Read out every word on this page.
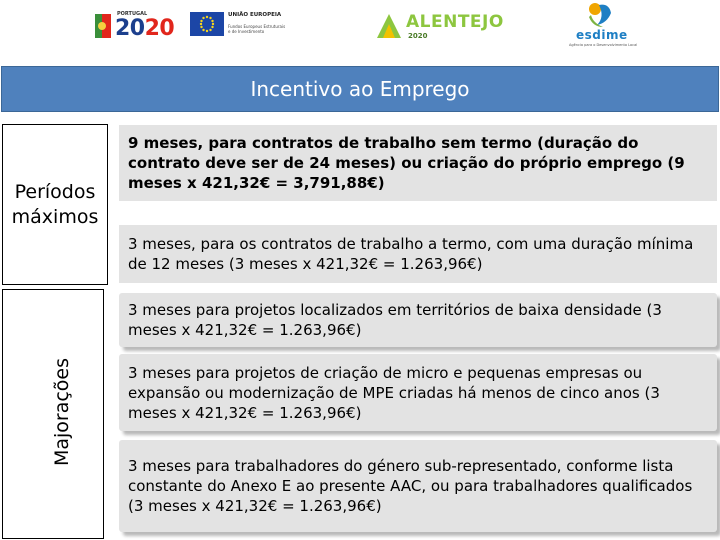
PORTUGAL
2020
UNIÃO EUROPEIA
Fundos Europeus Estruturais
e de Investimento	ALENTEJO
2020	esdime
Agência para o Desenvolvimento Local
Incentivo ao Emprego
Períodos máximos
Majorações
9 meses, para contratos de trabalho sem termo (duração do contrato deve ser de 24 meses) ou criação do próprio emprego (9 meses x 421,32€ = 3,791,88€)
3 meses, para os contratos de trabalho a termo, com uma duração mínima de 12 meses (3 meses x 421,32€ = 1.263,96€)
3 meses para projetos localizados em territórios de baixa densidade (3 meses x 421,32€ = 1.263,96€)
3 meses para projetos de criação de micro e pequenas empresas ou expansão ou modernização de MPE criadas há menos de cinco anos (3 meses x 421,32€ = 1.263,96€)
3 meses para trabalhadores do género sub-representado, conforme lista constante do Anexo E ao presente AAC, ou para trabalhadores qualificados (3 meses x 421,32€ = 1.263,96€)
